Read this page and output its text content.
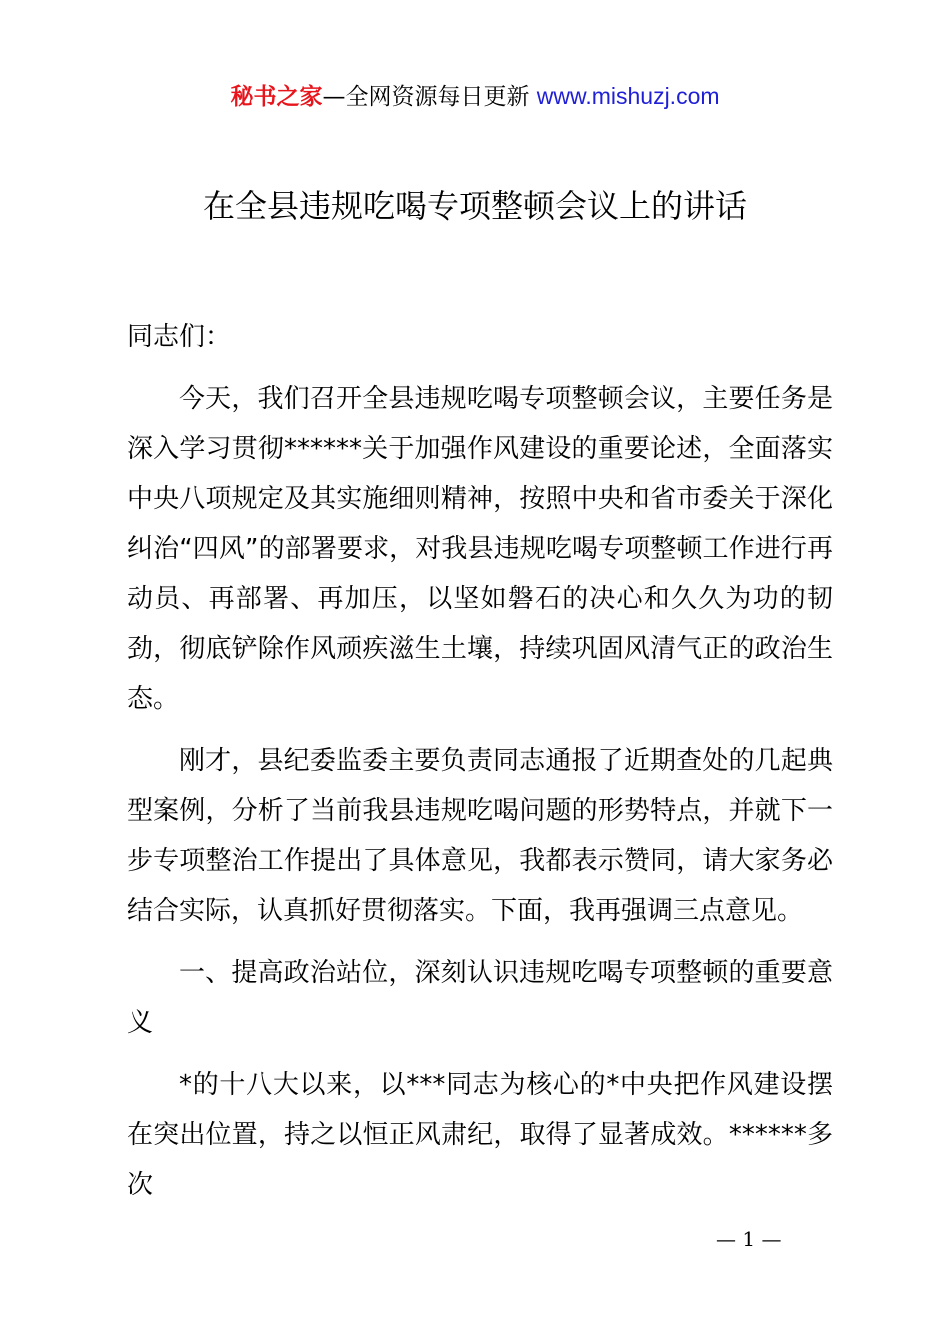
秘书之家—全网资源每日更新 www.mishuzj.com
在全县违规吃喝专项整顿会议上的讲话

同志们：

今天，我们召开全县违规吃喝专项整顿会议，主要任务是深入学习贯彻******关于加强作风建设的重要论述，全面落实中央八项规定及其实施细则精神，按照中央和省市委关于深化纠治“四风”的部署要求，对我县违规吃喝专项整顿工作进行再动员、再部署、再加压，以坚如磐石的决心和久久为功的韧劲，彻底铲除作风顽疾滋生土壤，持续巩固风清气正的政治生态。

刚才，县纪委监委主要负责同志通报了近期查处的几起典型案例，分析了当前我县违规吃喝问题的形势特点，并就下一步专项整治工作提出了具体意见，我都表示赞同，请大家务必结合实际，认真抓好贯彻落实。下面，我再强调三点意见。

一、提高政治站位，深刻认识违规吃喝专项整顿的重要意义

*的十八大以来，以***同志为核心的*中央把作风建设摆在突出位置，持之以恒正风肃纪，取得了显著成效。******多次

— 1 —
